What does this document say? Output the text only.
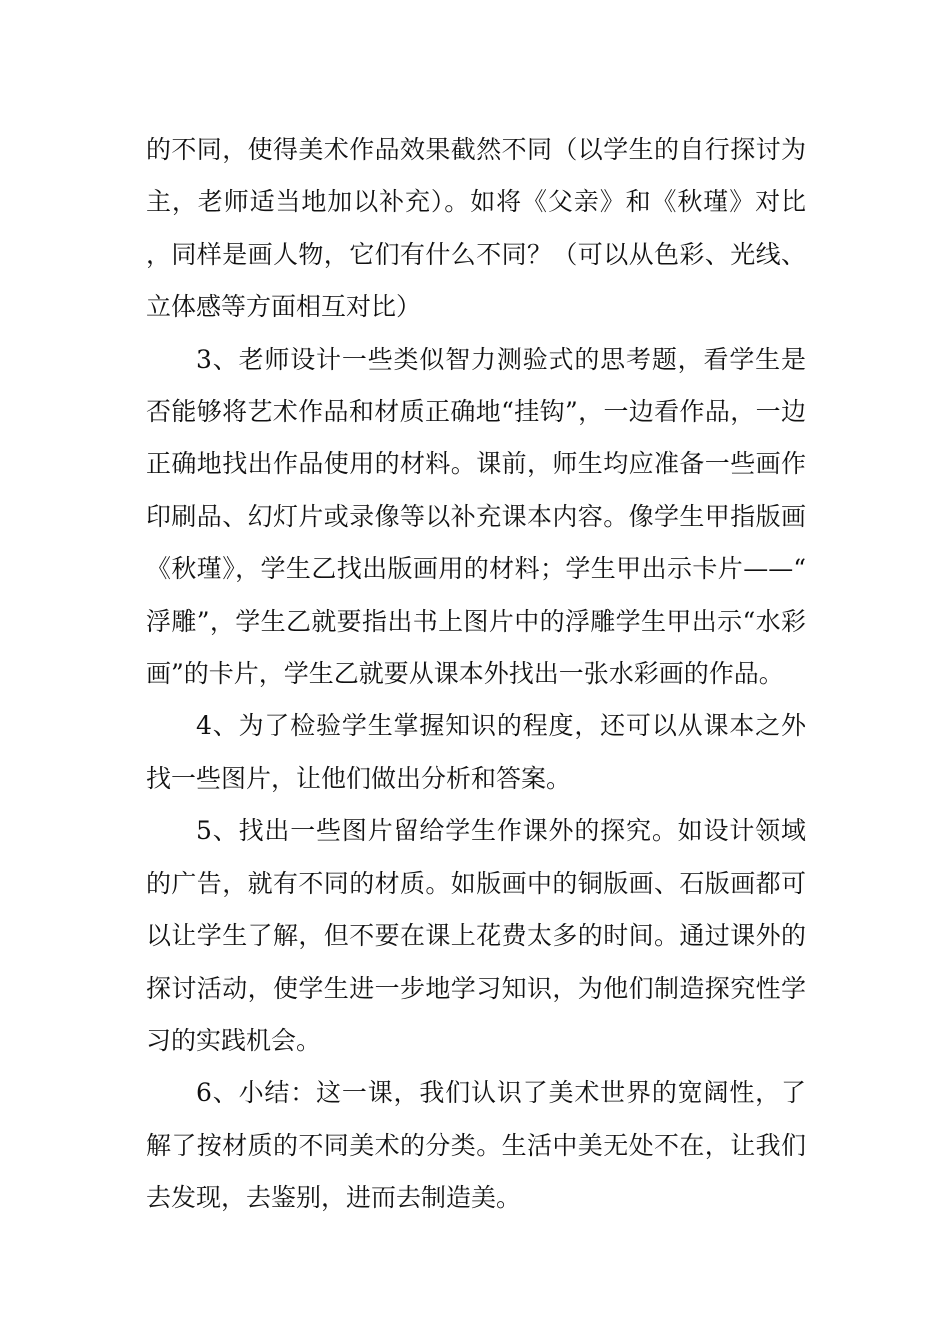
的不同，使得美术作品效果截然不同（以学生的自行探讨为主，老师适当地加以补充）。如将《父亲》和《秋瑾》对比，同样是画人物，它们有什么不同？（可以从色彩、光线、立体感等方面相互对比）

3、老师设计一些类似智力测验式的思考题，看学生是否能够将艺术作品和材质正确地“挂钩”，一边看作品，一边正确地找出作品使用的材料。课前，师生均应准备一些画作印刷品、幻灯片或录像等以补充课本内容。像学生甲指版画《秋瑾》，学生乙找出版画用的材料；学生甲出示卡片——“浮雕”，学生乙就要指出书上图片中的浮雕学生甲出示“水彩画”的卡片，学生乙就要从课本外找出一张水彩画的作品。

4、为了检验学生掌握知识的程度，还可以从课本之外找一些图片，让他们做出分析和答案。

5、找出一些图片留给学生作课外的探究。如设计领域的广告，就有不同的材质。如版画中的铜版画、石版画都可以让学生了解，但不要在课上花费太多的时间。通过课外的探讨活动，使学生进一步地学习知识，为他们制造探究性学习的实践机会。

6、小结：这一课，我们认识了美术世界的宽阔性，了解了按材质的不同美术的分类。生活中美无处不在，让我们去发现，去鉴别，进而去制造美。
